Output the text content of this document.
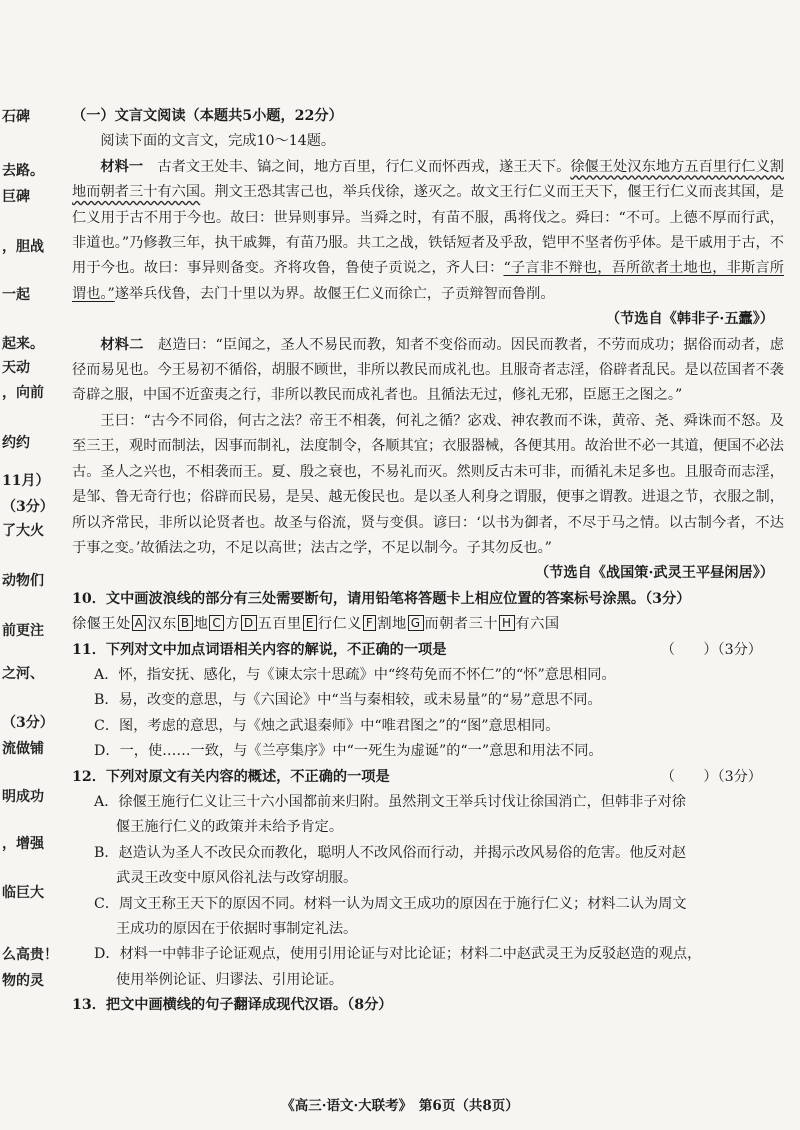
石碑
去路。
巨碑
，胆战
一起
起来。
天动
，向前
约约
11月）
（3分）
了大火
动物们
前更注
之河、
（3分）
流做铺
明成功
，增强
临巨大
么高贵！
物的灵

（一）文言文阅读（本题共5小题，22分）

阅读下面的文言文，完成10～14题。

材料一　 古者文王处丰、镐之间，地方百里，行仁义而怀西戎，遂王天下。徐偃王处汉东地方五百里行仁义割地而朝者三十有六国。荆文王恐其害己也，举兵伐徐，遂灭之。故文王行仁义而王天下，偃王行仁义而丧其国，是仁义用于古不用于今也。故曰：世异则事异。当舜之时，有苗不服，禹将伐之。舜曰：“不可。上德不厚而行武，非道也。”乃修教三年，执干戚舞，有苗乃服。共工之战，铁铦短者及乎敌，铠甲不坚者伤乎体。是干戚用于古，不用于今也。故曰：事异则备变。齐将攻鲁，鲁使子贡说之，齐人曰：“子言非不辩也，吾所欲者土地也，非斯言所谓也。”遂举兵伐鲁，去门十里以为界。故偃王仁义而徐亡，子贡辩智而鲁削。

（节选自《韩非子·五蠹》）

材料二　 赵造曰：“臣闻之，圣人不易民而教，知者不变俗而动。因民而教者，不劳而成功；据俗而动者，虑径而易见也。今王易初不循俗，胡服不顾世，非所以教民而成礼也。且服奇者志淫，俗辟者乱民。是以莅国者不袭奇辟之服，中国不近蛮夷之行，非所以教民而成礼者也。且循法无过，修礼无邪，臣愿王之图之。”

王曰：“古今不同俗，何古之法？帝王不相袭，何礼之循？宓戏、神农教而不诛，黄帝、尧、舜诛而不怒。及至三王，观时而制法，因事而制礼，法度制令，各顺其宜；衣服器械，各便其用。故治世不必一其道，便国不必法古。圣人之兴也，不相袭而王。夏、殷之衰也，不易礼而灭。然则反古未可非，而循礼未足多也。且服奇而志淫，是邹、鲁无奇行也；俗辟而民易，是吴、越无俊民也。是以圣人利身之谓服，便事之谓教。进退之节，衣服之制，所以齐常民，非所以论贤者也。故圣与俗流，贤与变俱。谚曰：‘以书为御者，不尽于马之情。以古制今者，不达于事之变。’故循法之功，不足以高世；法古之学，不足以制今。子其勿反也。”

（节选自《战国策·武灵王平昼闲居》）

10．文中画波浪线的部分有三处需要断句，请用铅笔将答题卡上相应位置的答案标号涂黑。（3分）

徐偃王处 A 汉东 B 地 C 方 D 五百里 E 行仁义 F 割地 G 而朝者三十 H 有六国

11．下列对文中加点词语相关内容的解说，不正确的一项是	（　　）（3分）

A．怀，指安抚、感化，与《谏太宗十思疏》中“终苟免而不怀仁”的“怀”意思相同。

B．易，改变的意思，与《六国论》中“当与秦相较，或未易量”的“易”意思不同。

C．图，考虑的意思，与《烛之武退秦师》中“唯君图之”的“图”意思相同。

D．一，使……一致，与《兰亭集序》中“一死生为虚诞”的“一”意思和用法不同。

12．下列对原文有关内容的概述，不正确的一项是	（　　）（3分）

A．徐偃王施行仁义让三十六小国都前来归附。虽然荆文王举兵讨伐让徐国消亡，但韩非子对徐

偃王施行仁义的政策并未给予肯定。

B．赵造认为圣人不改民众而教化，聪明人不改风俗而行动，并揭示改风易俗的危害。他反对赵

武灵王改变中原风俗礼法与改穿胡服。

C．周文王称王天下的原因不同。材料一认为周文王成功的原因在于施行仁义；材料二认为周文

王成功的原因在于依据时事制定礼法。

D．材料一中韩非子论证观点，使用引用论证与对比论证；材料二中赵武灵王为反驳赵造的观点，

使用举例论证、归谬法、引用论证。

13．把文中画横线的句子翻译成现代汉语。（8分）

《高三·语文·大联考》　第6页（共8页）
